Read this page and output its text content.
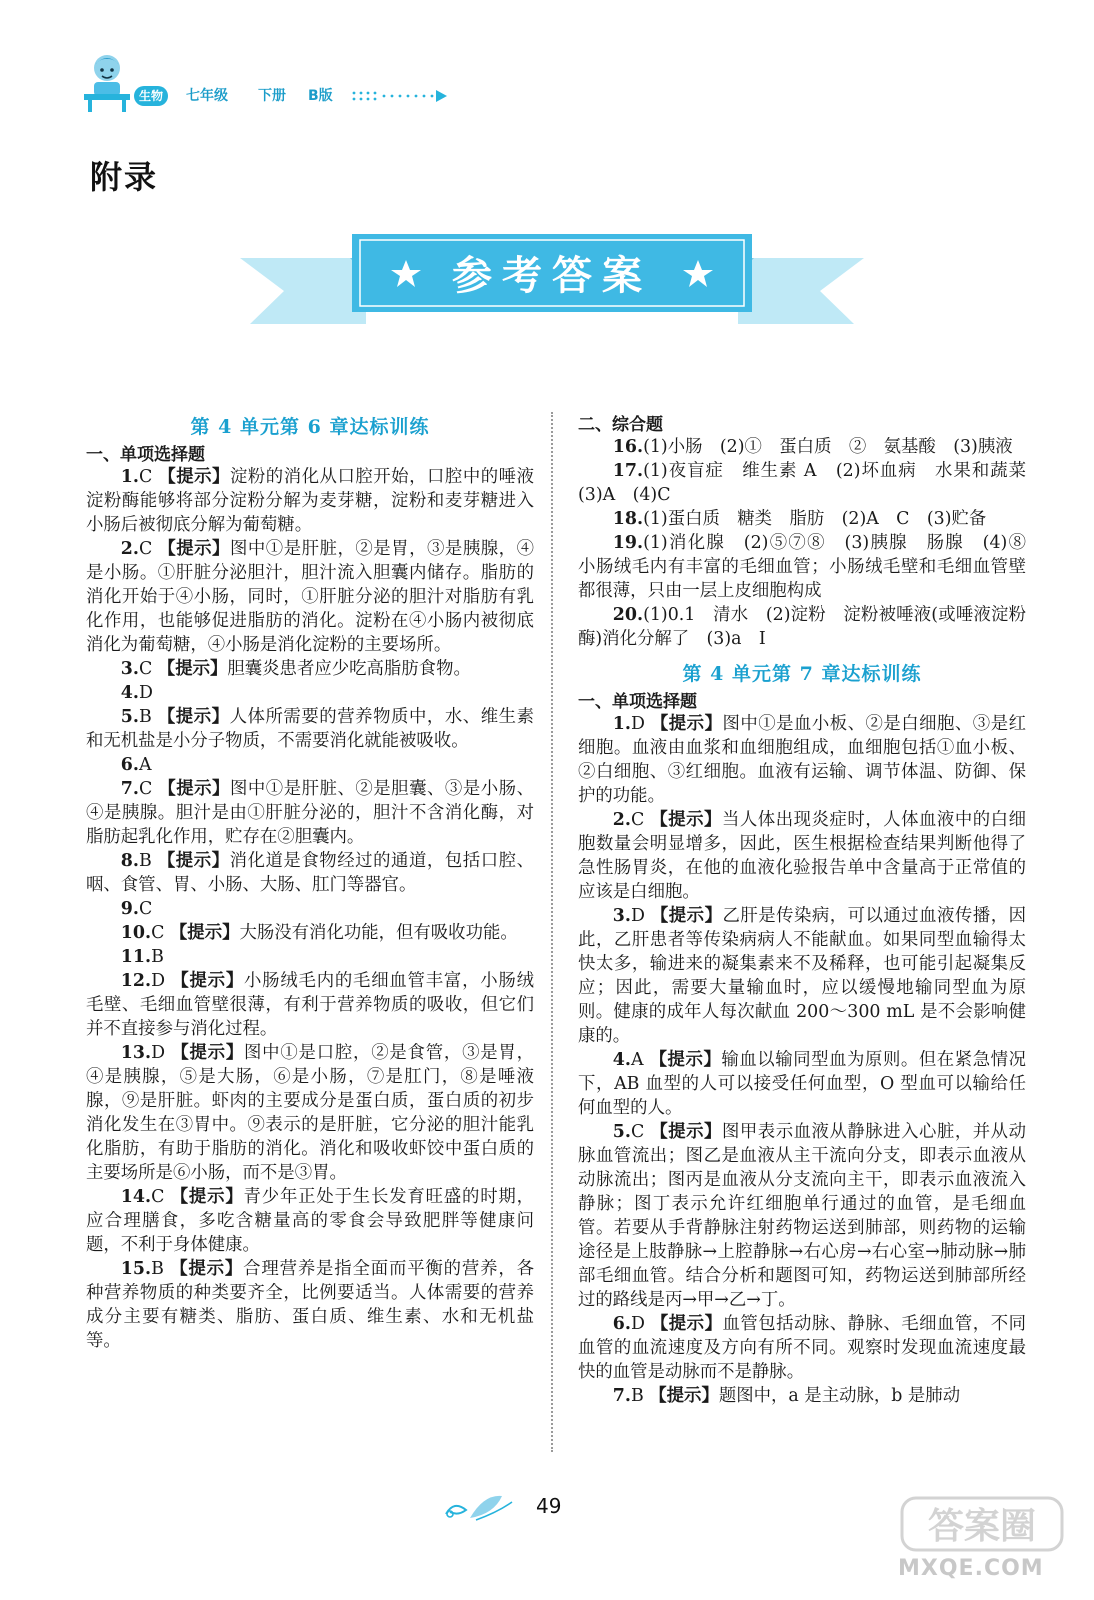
生物	七年级 下册 B版
附录
参考答案
第 4 单元第 6 章达标训练
一、单项选择题

1.C 【提示】淀粉的消化从口腔开始，口腔中的唾液淀粉酶能够将部分淀粉分解为麦芽糖，淀粉和麦芽糖进入小肠后被彻底分解为葡萄糖。

2.C 【提示】图中①是肝脏，②是胃，③是胰腺，④是小肠。①肝脏分泌胆汁，胆汁流入胆囊内储存。脂肪的消化开始于④小肠，同时，①肝脏分泌的胆汁对脂肪有乳化作用，也能够促进脂肪的消化。淀粉在④小肠内被彻底消化为葡萄糖，④小肠是消化淀粉的主要场所。

3.C 【提示】胆囊炎患者应少吃高脂肪食物。

4.D

5.B 【提示】人体所需要的营养物质中，水、维生素和无机盐是小分子物质，不需要消化就能被吸收。

6.A

7.C 【提示】图中①是肝脏、②是胆囊、③是小肠、④是胰腺。胆汁是由①肝脏分泌的，胆汁不含消化酶，对脂肪起乳化作用，贮存在②胆囊内。

8.B 【提示】消化道是食物经过的通道，包括口腔、咽、食管、胃、小肠、大肠、肛门等器官。

9.C

10.C 【提示】大肠没有消化功能，但有吸收功能。

11.B

12.D 【提示】小肠绒毛内的毛细血管丰富，小肠绒毛壁、毛细血管壁很薄，有利于营养物质的吸收，但它们并不直接参与消化过程。

13.D 【提示】图中①是口腔，②是食管，③是胃，④是胰腺，⑤是大肠，⑥是小肠，⑦是肛门，⑧是唾液腺，⑨是肝脏。虾肉的主要成分是蛋白质，蛋白质的初步消化发生在③胃中。⑨表示的是肝脏，它分泌的胆汁能乳化脂肪，有助于脂肪的消化。消化和吸收虾饺中蛋白质的主要场所是⑥小肠，而不是③胃。

14.C 【提示】青少年正处于生长发育旺盛的时期，应合理膳食，多吃含糖量高的零食会导致肥胖等健康问题，不利于身体健康。

15.B 【提示】合理营养是指全面而平衡的营养，各种营养物质的种类要齐全，比例要适当。人体需要的营养成分主要有糖类、脂肪、蛋白质、维生素、水和无机盐等。

二、综合题

16.(1)小肠　(2)①　蛋白质　②　氨基酸　(3)胰液

17.(1)夜盲症　维生素 A　(2)坏血病　水果和蔬菜　(3)A　(4)C

18.(1)蛋白质　糖类　脂肪　(2)A　C　(3)贮备

19.(1)消化腺　(2)⑤⑦⑧　(3)胰腺　肠腺　(4)⑧　小肠绒毛内有丰富的毛细血管；小肠绒毛壁和毛细血管壁都很薄，只由一层上皮细胞构成

20.(1)0.1　清水　(2)淀粉　淀粉被唾液(或唾液淀粉酶)消化分解了　(3)a　Ⅰ

第 4 单元第 7 章达标训练
一、单项选择题

1.D 【提示】图中①是血小板、②是白细胞、③是红细胞。血液由血浆和血细胞组成，血细胞包括①血小板、②白细胞、③红细胞。血液有运输、调节体温、防御、保护的功能。

2.C 【提示】当人体出现炎症时，人体血液中的白细胞数量会明显增多，因此，医生根据检查结果判断他得了急性肠胃炎，在他的血液化验报告单中含量高于正常值的应该是白细胞。

3.D 【提示】乙肝是传染病，可以通过血液传播，因此，乙肝患者等传染病病人不能献血。如果同型血输得太快太多，输进来的凝集素来不及稀释，也可能引起凝集反应；因此，需要大量输血时，应以缓慢地输同型血为原则。健康的成年人每次献血 200～300 mL 是不会影响健康的。

4.A 【提示】输血以输同型血为原则。但在紧急情况下，AB 血型的人可以接受任何血型，O 型血可以输给任何血型的人。

5.C 【提示】图甲表示血液从静脉进入心脏，并从动脉血管流出；图乙是血液从主干流向分支，即表示血液从动脉流出；图丙是血液从分支流向主干，即表示血液流入静脉；图丁表示允许红细胞单行通过的血管，是毛细血管。若要从手背静脉注射药物运送到肺部，则药物的运输途径是上肢静脉→上腔静脉→右心房→右心室→肺动脉→肺部毛细血管。结合分析和题图可知，药物运送到肺部所经过的路线是丙→甲→乙→丁。

6.D 【提示】血管包括动脉、静脉、毛细血管，不同血管的血流速度及方向有所不同。观察时发现血流速度最快的血管是动脉而不是静脉。

7.B 【提示】题图中，a 是主动脉，b 是肺动

49	答案圈
MXQE.COM
